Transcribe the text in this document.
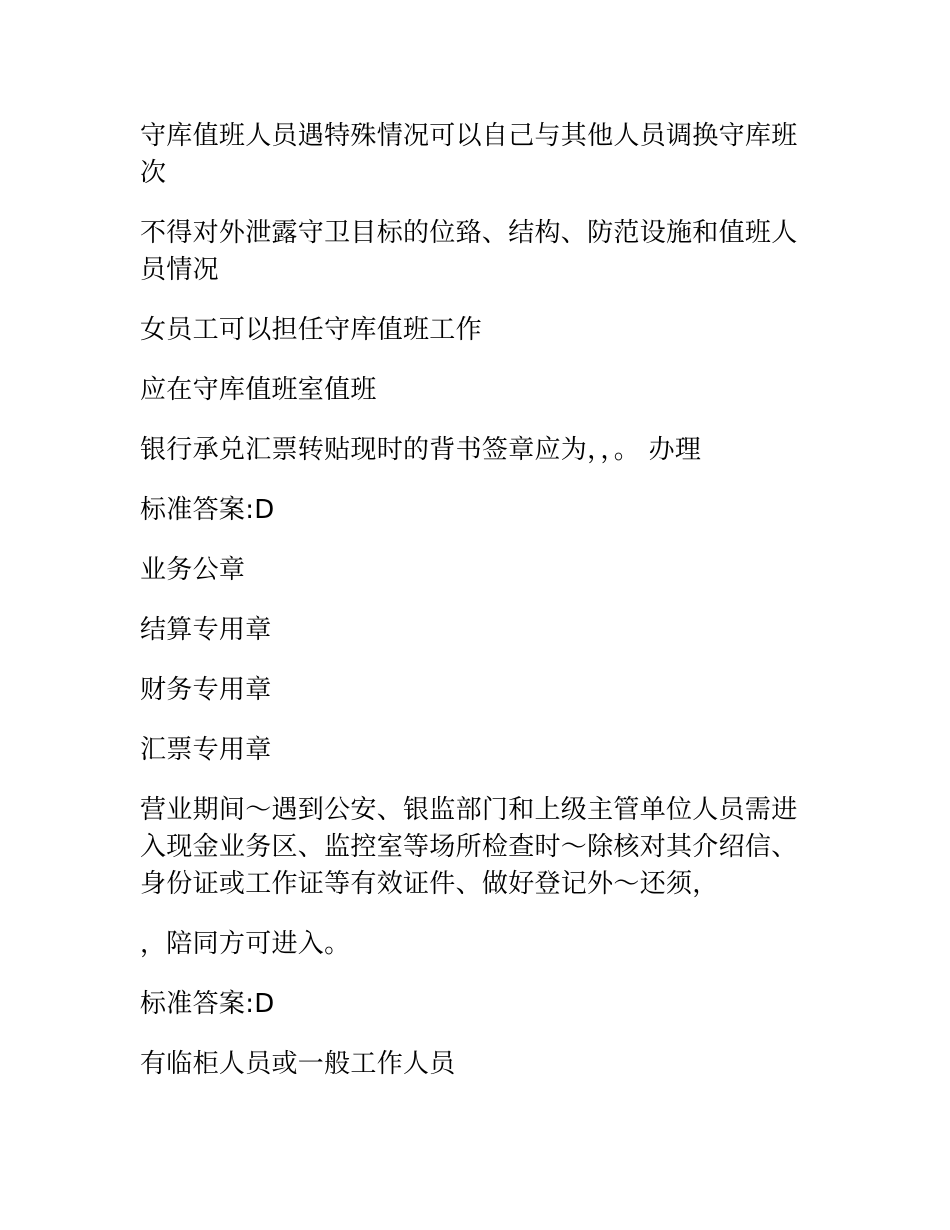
守库值班人员遇特殊情况可以自己与其他人员调换守库班次

不得对外泄露守卫目标的位臵、结构、防范设施和值班人员情况

女员工可以担任守库值班工作

应在守库值班室值班

银行承兑汇票转贴现时的背书签章应为，，。 办理

标准答案:D

业务公章

结算专用章

财务专用章

汇票专用章

营业期间～遇到公安、银监部门和上级主管单位人员需进入现金业务区、监控室等场所检查时～除核对其介绍信、身份证或工作证等有效证件、做好登记外～还须，

，陪同方可进入。

标准答案:D

有临柜人员或一般工作人员
